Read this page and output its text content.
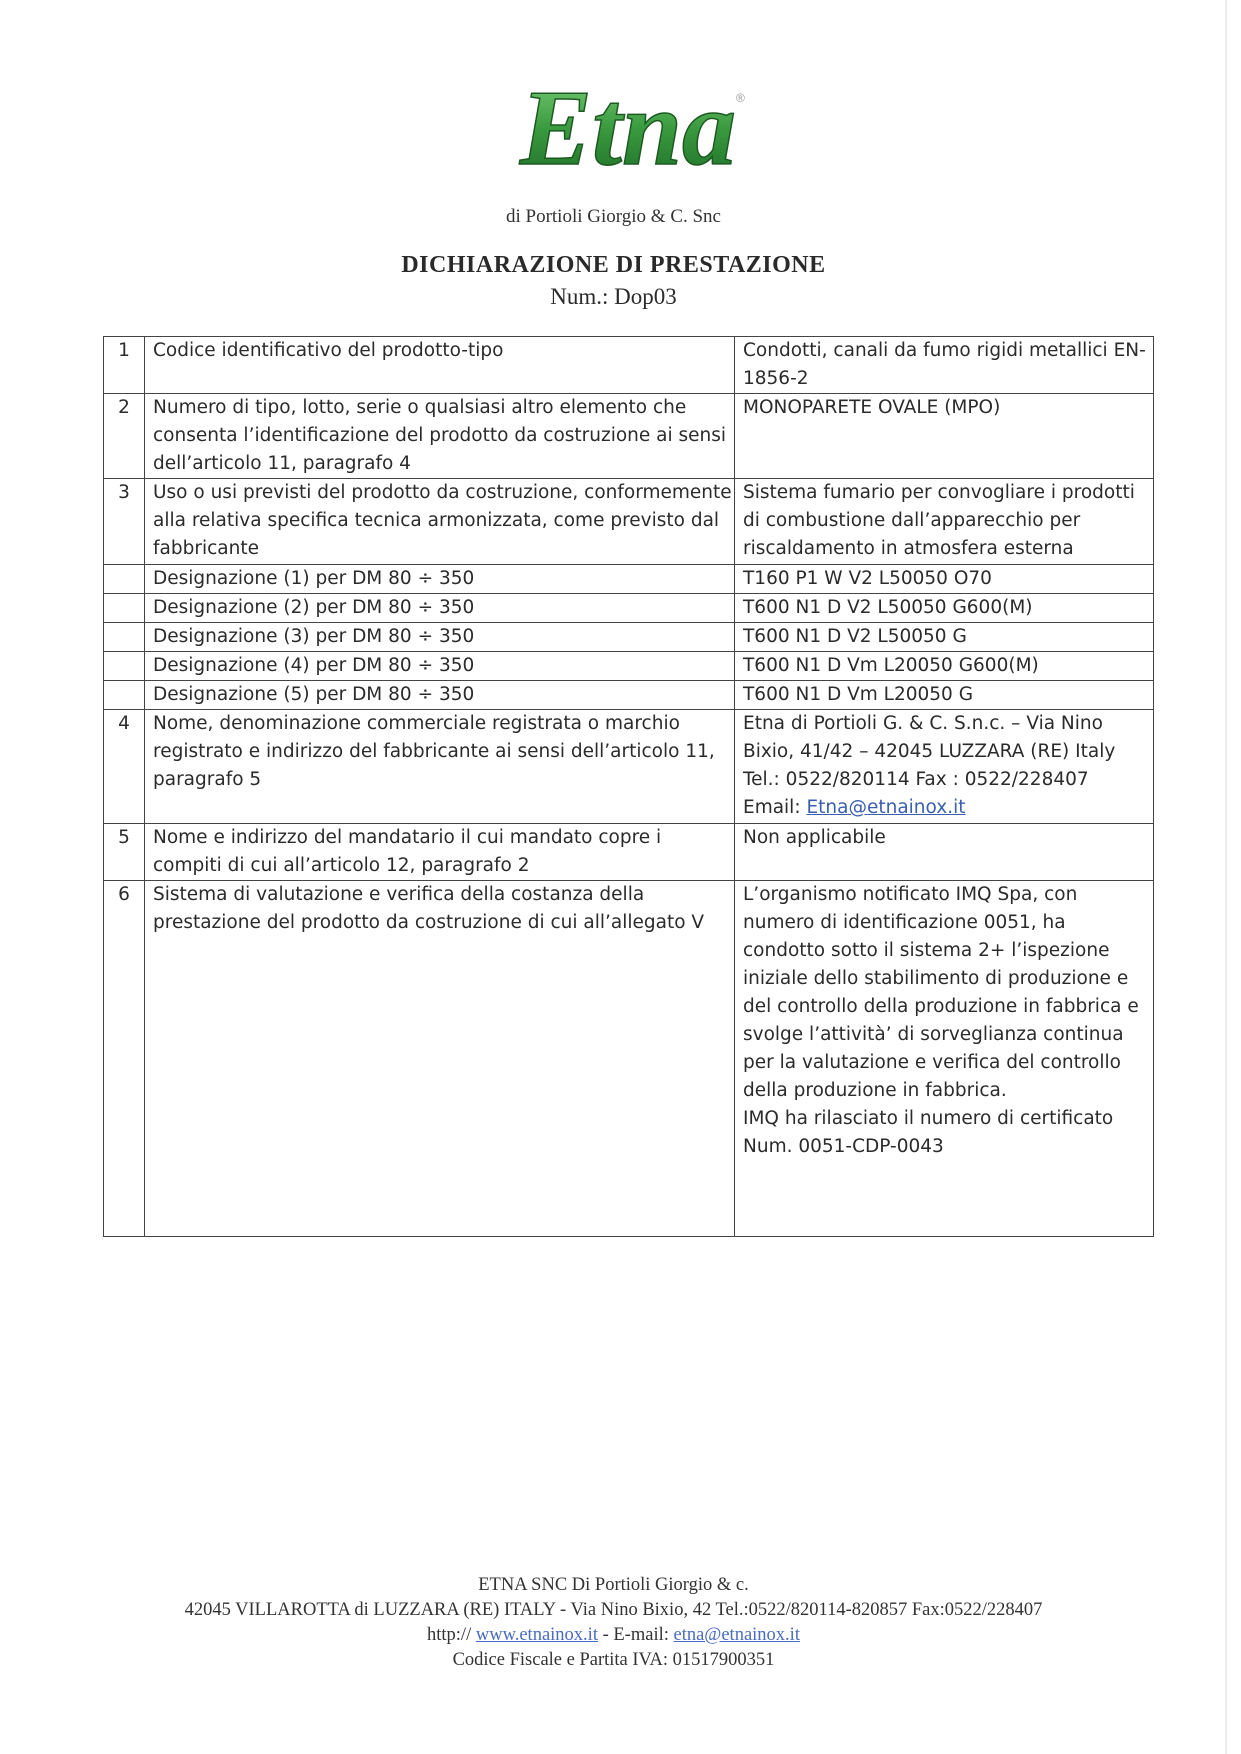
Etna ®
di Portioli Giorgio & C. Snc
DICHIARAZIONE DI PRESTAZIONE
Num.: Dop03
1	Codice identificativo del prodotto-tipo	Condotti, canali da fumo rigidi metallici EN-1856-2
2	Numero di tipo, lotto, serie o qualsiasi altro elemento che consenta l’identificazione del prodotto da costruzione ai sensi dell’articolo 11, paragrafo 4	MONOPARETE OVALE (MPO)
3	Uso o usi previsti del prodotto da costruzione, conformemente alla relativa specifica tecnica armonizzata, come previsto dal fabbricante	Sistema fumario per convogliare i prodotti di combustione dall’apparecchio per riscaldamento in atmosfera esterna
	Designazione (1) per DM 80 ÷ 350	T160 P1 W V2 L50050 O70
	Designazione (2) per DM 80 ÷ 350	T600 N1 D V2 L50050 G600(M)
	Designazione (3) per DM 80 ÷ 350	T600 N1 D V2 L50050 G
	Designazione (4) per DM 80 ÷ 350	T600 N1 D Vm L20050 G600(M)
	Designazione (5) per DM 80 ÷ 350	T600 N1 D Vm L20050 G
4	Nome, denominazione commerciale registrata o marchio registrato e indirizzo del fabbricante ai sensi dell’articolo 11, paragrafo 5	Etna di Portioli G. & C. S.n.c. – Via Nino Bixio, 41/42 – 42045 LUZZARA (RE) Italy
Tel.: 0522/820114 Fax : 0522/228407
Email: Etna@etnainox.it

5	Nome e indirizzo del mandatario il cui mandato copre i compiti di cui all’articolo 12, paragrafo 2	Non applicabile
6	Sistema di valutazione e verifica della costanza della prestazione del prodotto da costruzione di cui all’allegato V	L’organismo notificato IMQ Spa, con numero di identificazione 0051, ha condotto sotto il sistema 2+ l’ispezione iniziale dello stabilimento di produzione e del controllo della produzione in fabbrica e svolge l’attività’ di sorveglianza continua per la valutazione e verifica del controllo della produzione in fabbrica.
IMQ ha rilasciato il numero di certificato Num. 0051-CDP-0043
ETNA SNC Di Portioli Giorgio & c.
42045 VILLAROTTA di LUZZARA (RE) ITALY - Via Nino Bixio, 42 Tel.:0522/820114-820857 Fax:0522/228407
http:// www.etnainox.it - E-mail: etna@etnainox.it
Codice Fiscale e Partita IVA: 01517900351
